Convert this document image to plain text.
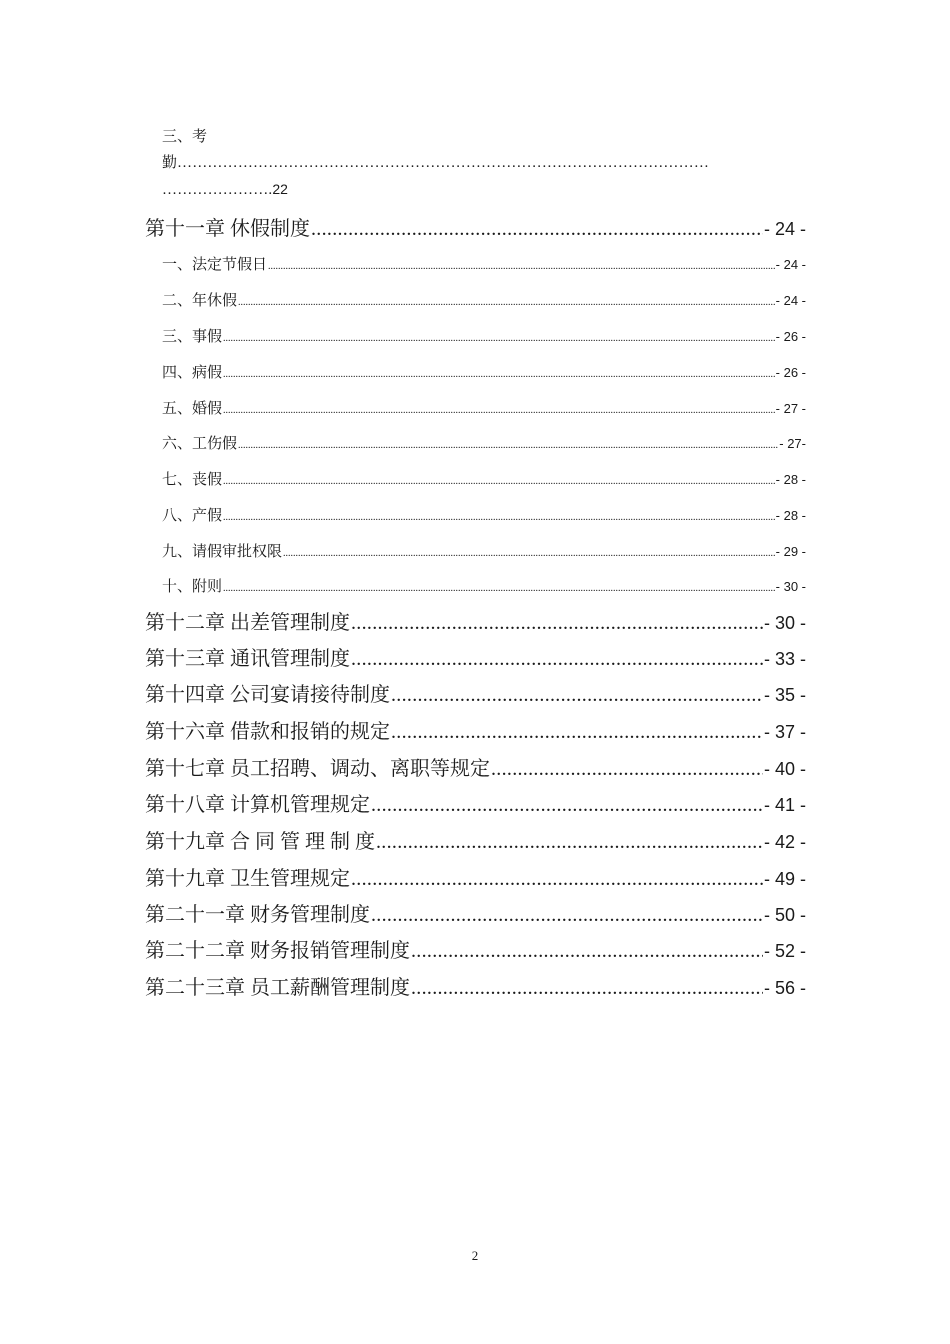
三、考
勤……………………………………………………………………………………………
………………….22
第十一章 休假制度 .....	- 24 -
一、法定节假日 .....	- 24 -
二、年休假 .....	- 24 -
三、事假 .....	- 26 -
四、病假 .....	- 26 -
五、婚假 .....	- 27 -
六、工伤假 .....	- 27-
七、丧假 .....	- 28 -
八、产假 .....	- 28 -
九、请假审批权限 .....	- 29 -
十、附则 .....	- 30 -
第十二章 出差管理制度 .....	- 30 -
第十三章 通讯管理制度 .....	- 33 -
第十四章 公司宴请接待制度 .....	- 35 -
第十六章 借款和报销的规定 .....	- 37 -
第十七章 员工招聘、调动、离职等规定 .....	- 40 -
第十八章 计算机管理规定 .....	- 41 -
第十九章 合 同 管 理 制 度 .....	- 42 -
第十九章 卫生管理规定 .....	- 49 -
第二十一章 财务管理制度 .....	- 50 -
第二十二章 财务报销管理制度 .....	- 52 -
第二十三章 员工薪酬管理制度 .....	- 56 -
2
